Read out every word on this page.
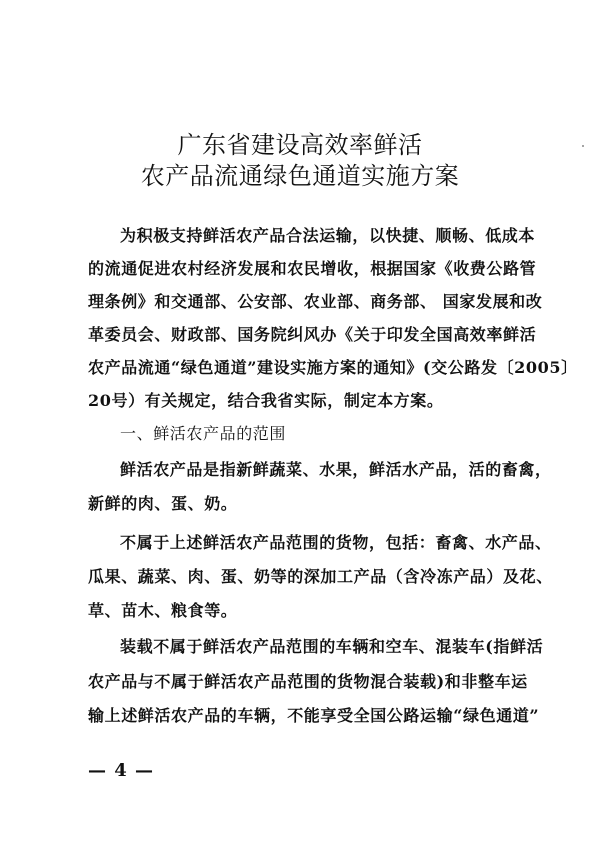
广东省建设高效率鲜活
农产品流通绿色通道实施方案
为积极支持鲜活农产品合法运输，以快捷、顺畅、低成本
的流通促进农村经济发展和农民增收，根据国家《收费公路管
理条例》和交通部、公安部、农业部、商务部、 国家发展和改
革委员会、财政部、国务院纠风办《关于印发全国高效率鲜活
农产品流通“绿色通道”建设实施方案的通知》(交公路发〔2005〕
20号）有关规定，结合我省实际，制定本方案。
一、鲜活农产品的范围
鲜活农产品是指新鲜蔬菜、水果，鲜活水产品，活的畜禽，
新鲜的肉、蛋、奶。
不属于上述鲜活农产品范围的货物，包括：畜禽、水产品、
瓜果、蔬菜、肉、蛋、奶等的深加工产品（含冷冻产品）及花、
草、苗木、粮食等。
装载不属于鲜活农产品范围的车辆和空车、混装车(指鲜活
农产品与不属于鲜活农产品范围的货物混合装载)和非整车运
输上述鲜活农产品的车辆，不能享受全国公路运输“绿色通道”
— 4 —
